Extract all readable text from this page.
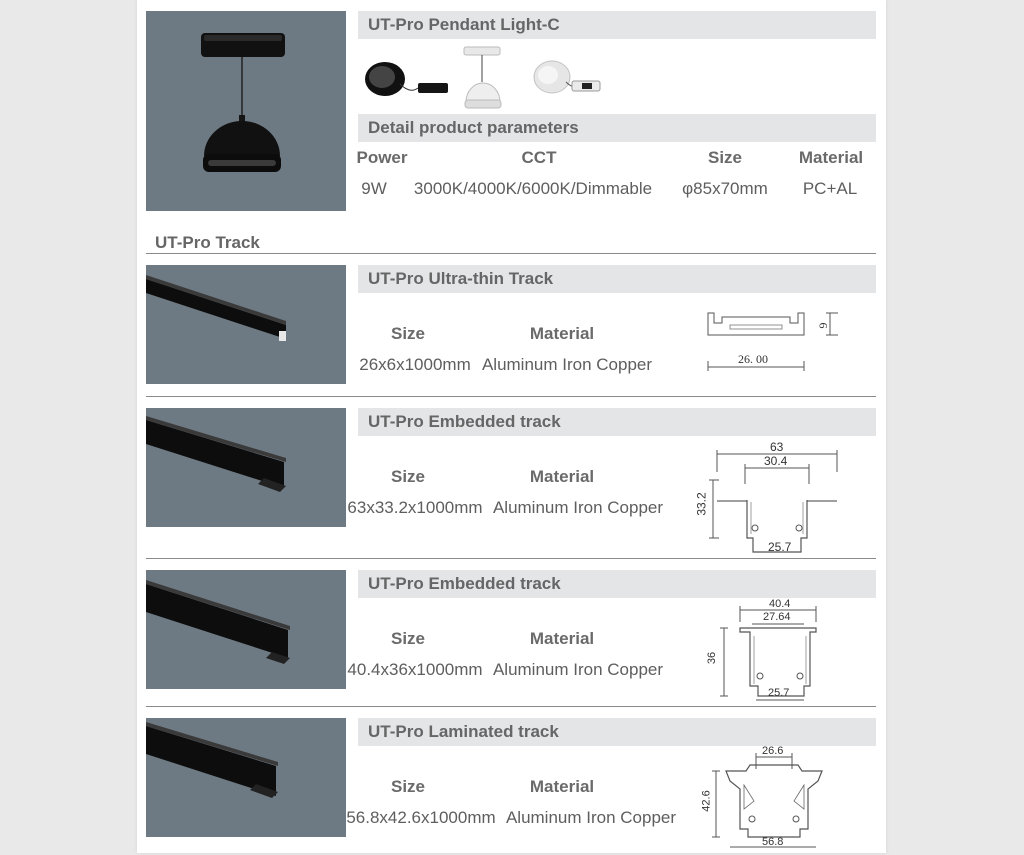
UT-Pro Pendant Light-C
Detail product parameters
Power	CCT	Size	Material
9W	3000K/4000K/6000K/Dimmable	φ85x70mm	PC+AL
UT-Pro Track
UT-Pro Ultra-thin Track
Size	Material
26x6x1000mm Aluminum Iron Copper	26. 00
6
UT-Pro Embedded track
Size	Material
63x33.2x1000mm Aluminum Iron Copper
63
30.4
33.2
25.7
UT-Pro Embedded track
Size	Material
40.4x36x1000mm Aluminum Iron Copper
40.4
27.64
36
25.7
UT-Pro Laminated track
Size	Material
56.8x42.6x1000mm Aluminum Iron Copper
26.6
42.6
56.8
